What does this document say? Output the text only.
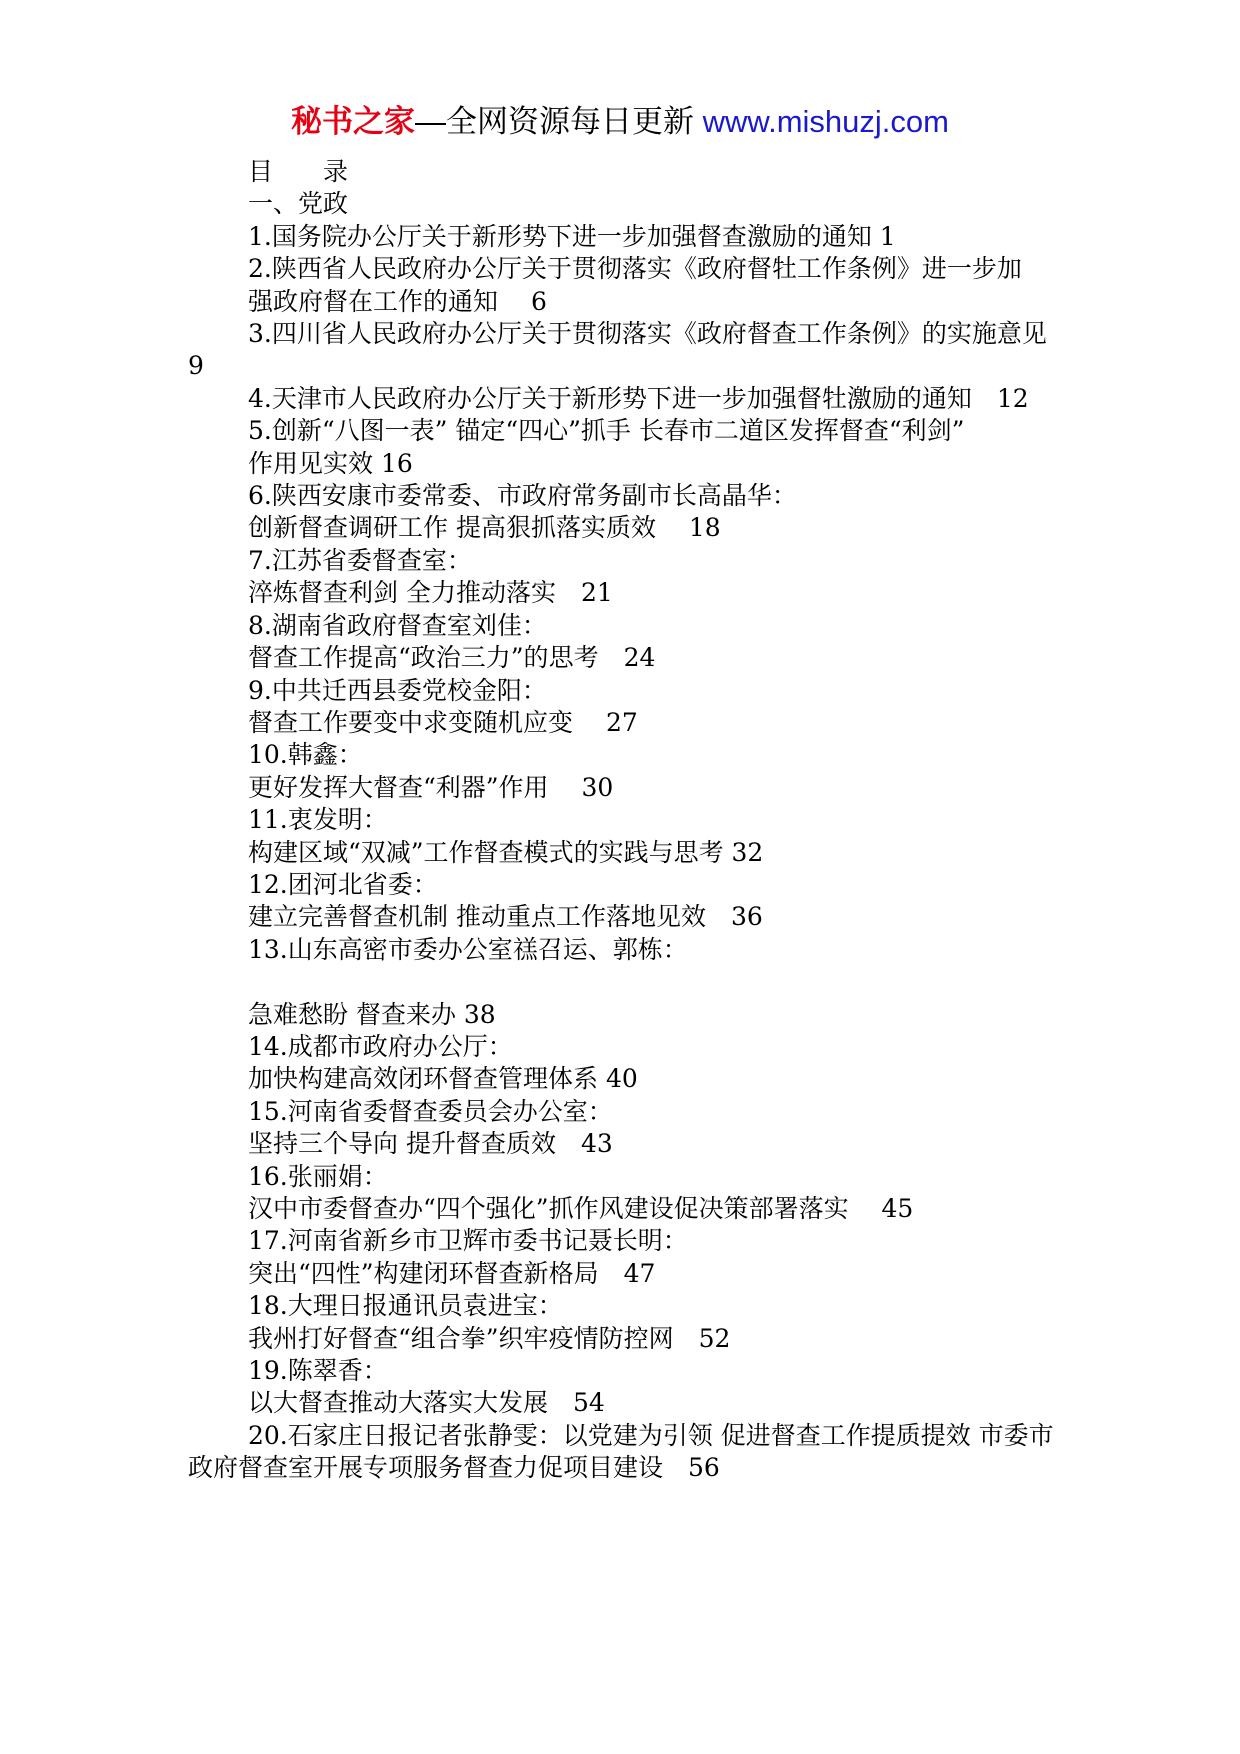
秘书之家—全网资源每日更新 www.mishuzj.com

目　　录

一、党政

1.国务院办公厅关于新形势下进一步加强督查激励的通知 1

2.陕西省人民政府办公厅关于贯彻落实《政府督牡工作条例》进一步加

强政府督在工作的通知　 6

3.四川省人民政府办公厅关于贯彻落实《政府督查工作条例》的实施意见 9

4.天津市人民政府办公厅关于新形势下进一步加强督牡激励的通知　12

5.创新“八图一表” 锚定“四心”抓手 长春市二道区发挥督查“利剑”

作用见实效 16

6.陕西安康市委常委、市政府常务副市长高晶华：

创新督查调研工作 提高狠抓落实质效　 18

7.江苏省委督查室：

淬炼督查利剑 全力推动落实　21

8.湖南省政府督查室刘佳：

督查工作提高“政治三力”的思考　24

9.中共迁西县委党校金阳：

督查工作要变中求变随机应变　 27

10.韩鑫：

更好发挥大督查“利器”作用　 30

11.衷发明：

构建区域“双减”工作督查模式的实践与思考 32

12.团河北省委：

建立完善督查机制 推动重点工作落地见效　36

13.山东高密市委办公室禚召运、郭栋：

急难愁盼 督查来办 38

14.成都市政府办公厅：

加快构建高效闭环督查管理体系 40

15.河南省委督查委员会办公室：

坚持三个导向 提升督查质效　43

16.张丽娟：

汉中市委督查办“四个强化”抓作风建设促决策部署落实　 45

17.河南省新乡市卫辉市委书记聂长明：

突出“四性”构建闭环督查新格局　47

18.大理日报通讯员袁进宝：

我州打好督查“组合拳”织牢疫情防控网　52

19.陈翠香：

以大督查推动大落实大发展　54

20.石家庄日报记者张静雯：以党建为引领 促进督查工作提质提效 市委市政府督查室开展专项服务督查力促项目建设　56
